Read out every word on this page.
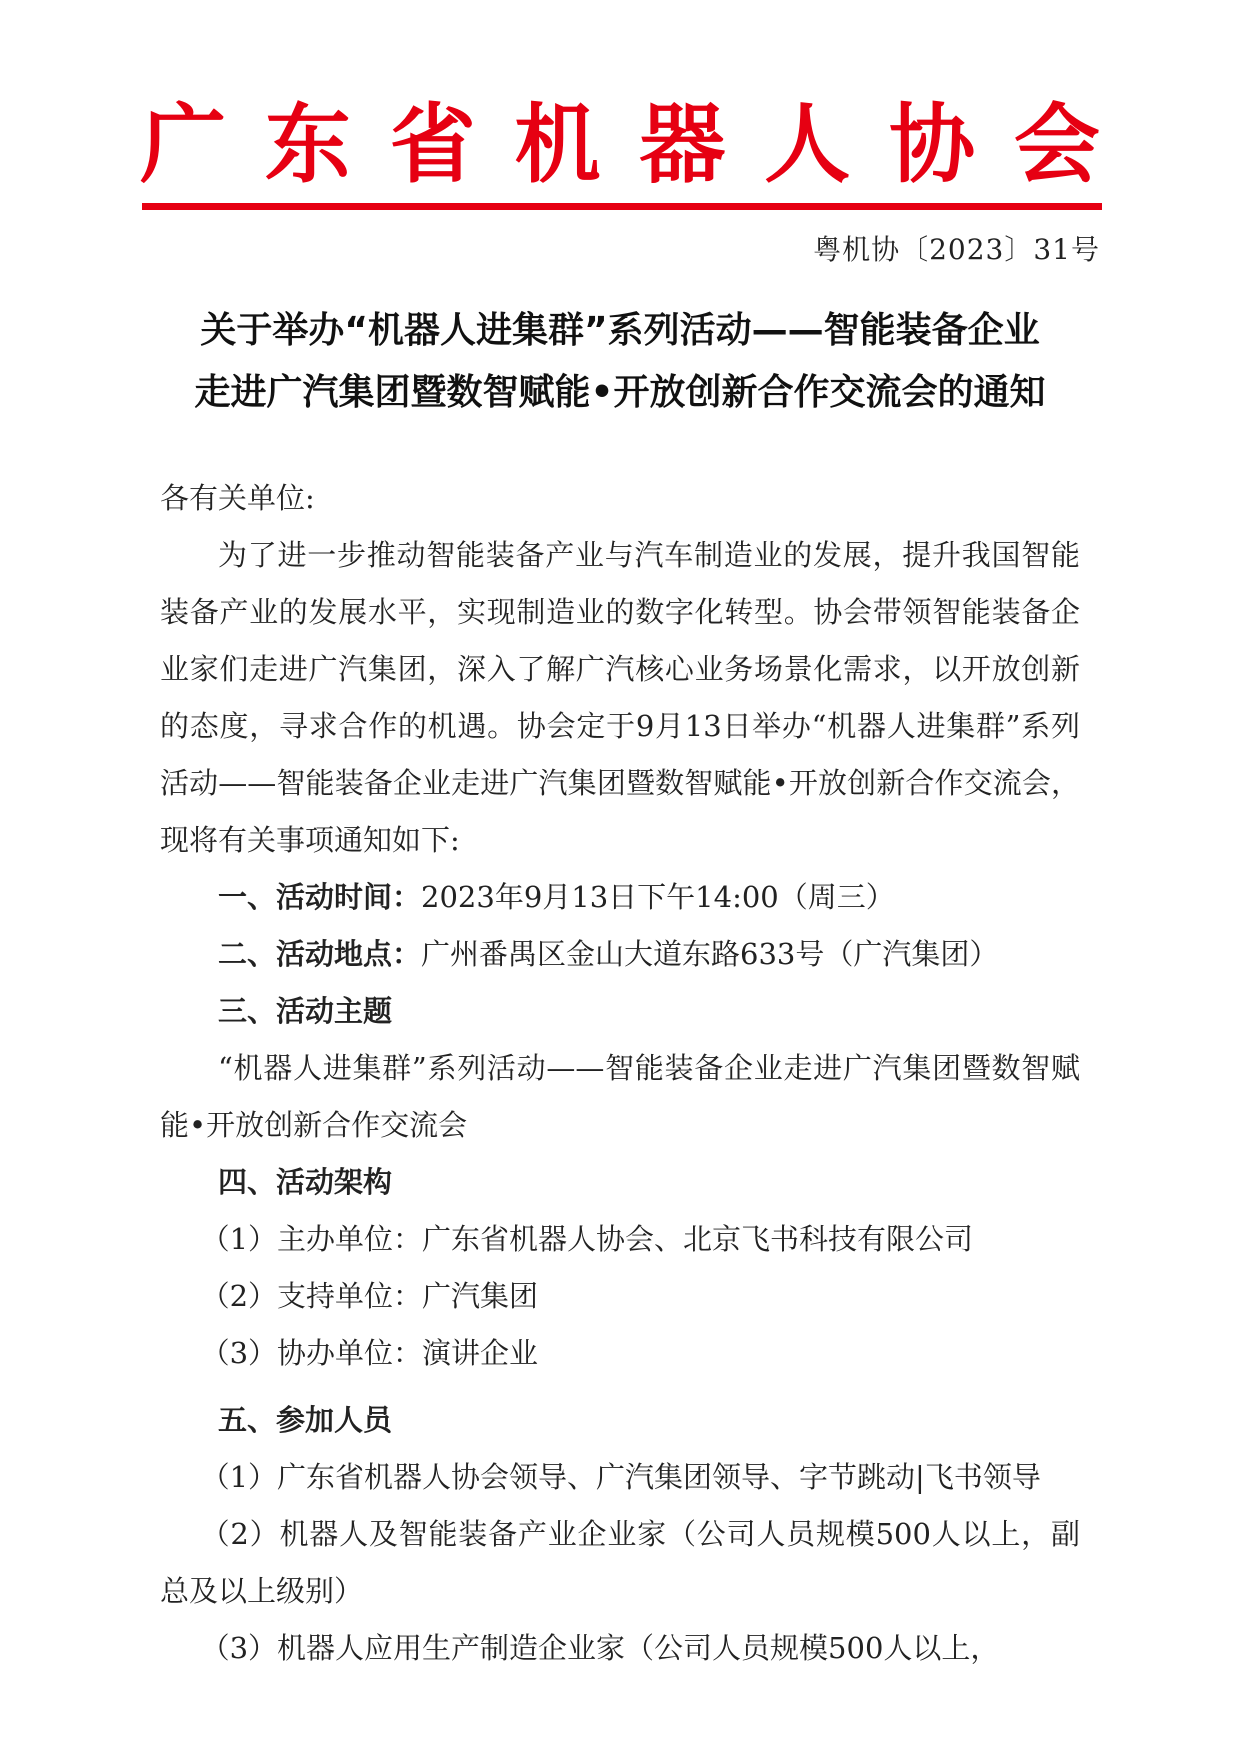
广 东 省 机 器 人 协 会
粤机协〔2023〕31号
关于举办“机器人进集群”系列活动——智能装备企业
走进广汽集团暨数智赋能•开放创新合作交流会的通知

各有关单位:

为了进一步推动智能装备产业与汽车制造业的发展，提升我国智能装备产业的发展水平，实现制造业的数字化转型。协会带领智能装备企业家们走进广汽集团，深入了解广汽核心业务场景化需求，以开放创新的态度，寻求合作的机遇。协会定于9月13日举办“机器人进集群”系列活动——智能装备企业走进广汽集团暨数智赋能•开放创新合作交流会，现将有关事项通知如下:

一、活动时间：2023年9月13日下午14:00（周三）

二、活动地点：广州番禺区金山大道东路633号（广汽集团）

三、活动主题

“机器人进集群”系列活动——智能装备企业走进广汽集团暨数智赋能•开放创新合作交流会

四、活动架构

（1）主办单位：广东省机器人协会、北京飞书科技有限公司

（2）支持单位：广汽集团

（3）协办单位：演讲企业

五、参加人员

（1）广东省机器人协会领导、广汽集团领导、字节跳动|飞书领导

（2）机器人及智能装备产业企业家（公司人员规模500人以上，副总及以上级别）

（3）机器人应用生产制造企业家（公司人员规模500人以上，
